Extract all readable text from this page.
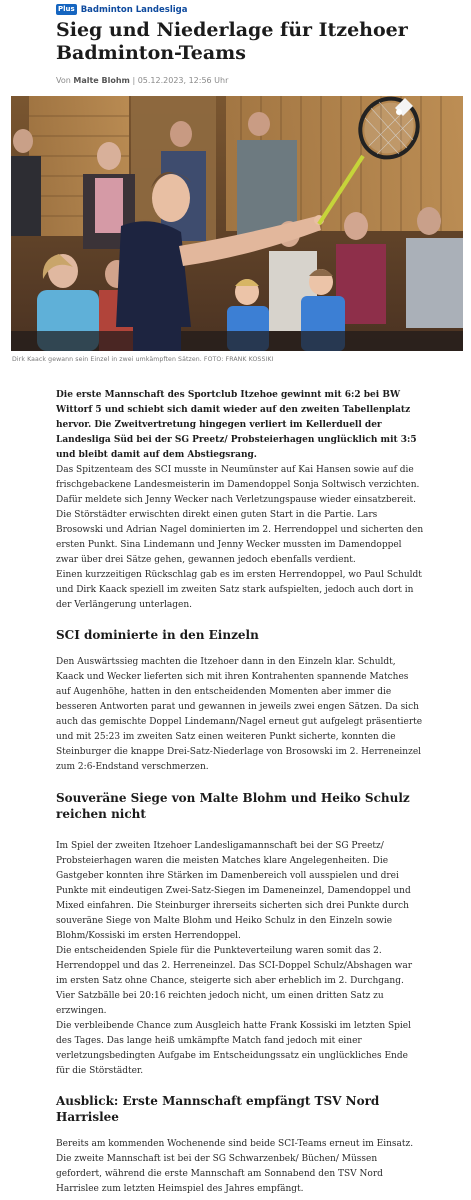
Plus Badminton Landesliga
Sieg und Niederlage für Itzehoer Badminton-Teams
Von Malte Blohm | 05.12.2023, 12:56 Uhr
Dirk Kaack gewann sein Einzel in zwei umkämpften Sätzen. FOTO: FRANK KOSSIKI

Die erste Mannschaft des Sportclub Itzehoe gewinnt mit 6:2 bei BW Wittorf 5 und schiebt sich damit wieder auf den zweiten Tabellenplatz hervor. Die Zweitvertretung hingegen verliert im Kellerduell der Landesliga Süd bei der SG Preetz/ Probsteierhagen unglücklich mit 3:5 und bleibt damit auf dem Abstiegsrang.

Das Spitzenteam des SCI musste in Neumünster auf Kai Hansen sowie auf die frischgebackene Landesmeisterin im Damendoppel Sonja Soltwisch verzichten. Dafür meldete sich Jenny Wecker nach Verletzungspause wieder einsatzbereit. Die Störstädter erwischten direkt einen guten Start in die Partie. Lars Brosowski und Adrian Nagel dominierten im 2. Herrendoppel und sicherten den ersten Punkt. Sina Lindemann und Jenny Wecker mussten im Damendoppel zwar über drei Sätze gehen, gewannen jedoch ebenfalls verdient.

Einen kurzzeitigen Rückschlag gab es im ersten Herrendoppel, wo Paul Schuldt und Dirk Kaack speziell im zweiten Satz stark aufspielten, jedoch auch dort in der Verlängerung unterlagen.

SCI dominierte in den Einzeln

Den Auswärtssieg machten die Itzehoer dann in den Einzeln klar. Schuldt, Kaack und Wecker lieferten sich mit ihren Kontrahenten spannende Matches auf Augenhöhe, hatten in den entscheidenden Momenten aber immer die besseren Antworten parat und gewannen in jeweils zwei engen Sätzen. Da sich auch das gemischte Doppel Lindemann/Nagel erneut gut aufgelegt präsentierte und mit 25:23 im zweiten Satz einen weiteren Punkt sicherte, konnten die Steinburger die knappe Drei-Satz-Niederlage von Brosowski im 2. Herreneinzel zum 2:6-Endstand verschmerzen.

Souveräne Siege von Malte Blohm und Heiko Schulz reichen nicht

Im Spiel der zweiten Itzehoer Landesligamannschaft bei der SG Preetz/ Probsteierhagen waren die meisten Matches klare Angelegenheiten. Die Gastgeber konnten ihre Stärken im Damenbereich voll ausspielen und drei Punkte mit eindeutigen Zwei-Satz-Siegen im Dameneinzel, Damendoppel und Mixed einfahren. Die Steinburger ihrerseits sicherten sich drei Punkte durch souveräne Siege von Malte Blohm und Heiko Schulz in den Einzeln sowie Blohm/Kossiski im ersten Herrendoppel.

Die entscheidenden Spiele für die Punkteverteilung waren somit das 2. Herrendoppel und das 2. Herreneinzel. Das SCI-Doppel Schulz/Abshagen war im ersten Satz ohne Chance, steigerte sich aber erheblich im 2. Durchgang. Vier Satzbälle bei 20:16 reichten jedoch nicht, um einen dritten Satz zu erzwingen.

Die verbleibende Chance zum Ausgleich hatte Frank Kossiski im letzten Spiel des Tages. Das lange heiß umkämpfte Match fand jedoch mit einer verletzungsbedingten Aufgabe im Entscheidungssatz ein unglückliches Ende für die Störstädter.

Ausblick: Erste Mannschaft empfängt TSV Nord Harrislee

Bereits am kommenden Wochenende sind beide SCI-Teams erneut im Einsatz. Die zweite Mannschaft ist bei der SG Schwarzenbek/ Büchen/ Müssen gefordert, während die erste Mannschaft am Sonnabend den TSV Nord Harrislee zum letzten Heimspiel des Jahres empfängt.
